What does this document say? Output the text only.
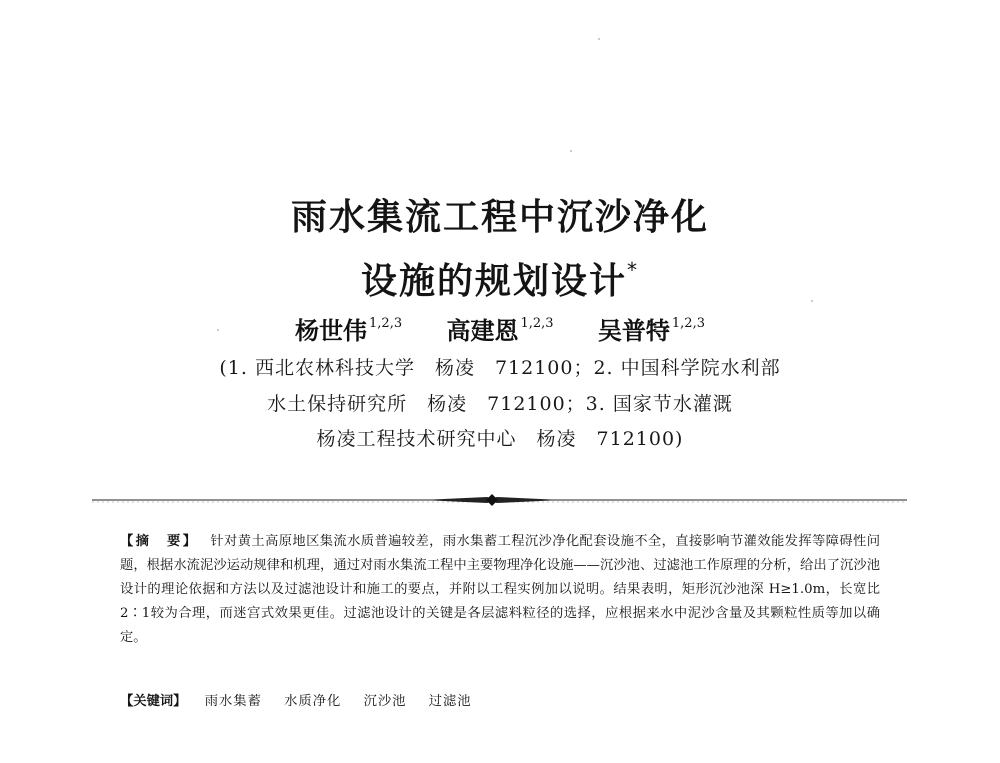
雨水集流工程中沉沙净化
设施的规划设计*
杨世伟 $^{1,2,3}$ 高建恩 $^{1,2,3}$ 吴普特 $^{1,2,3}$

(1. 西北农林科技大学　杨凌　712100；2. 中国科学院水利部

水土保持研究所　杨凌　712100；3. 国家节水灌溉

杨凌工程技术研究中心　杨凌　712100)

【摘　要】 针对黄土高原地区集流水质普遍较差，雨水集蓄工程沉沙净化配套设施不全，直接影响节灌效能发挥等障碍性问题，根据水流泥沙运动规律和机理，通过对雨水集流工程中主要物理净化设施——沉沙池、过滤池工作原理的分析，给出了沉沙池设计的理论依据和方法以及过滤池设计和施工的要点，并附以工程实例加以说明。结果表明，矩形沉沙池深 H≥1.0m，长宽比 2∶1较为合理，而迷宫式效果更佳。过滤池设计的关键是各层滤料粒径的选择，应根据来水中泥沙含量及其颗粒性质等加以确定。

【关键词】 雨水集蓄 水质净化 沉沙池 过滤池
